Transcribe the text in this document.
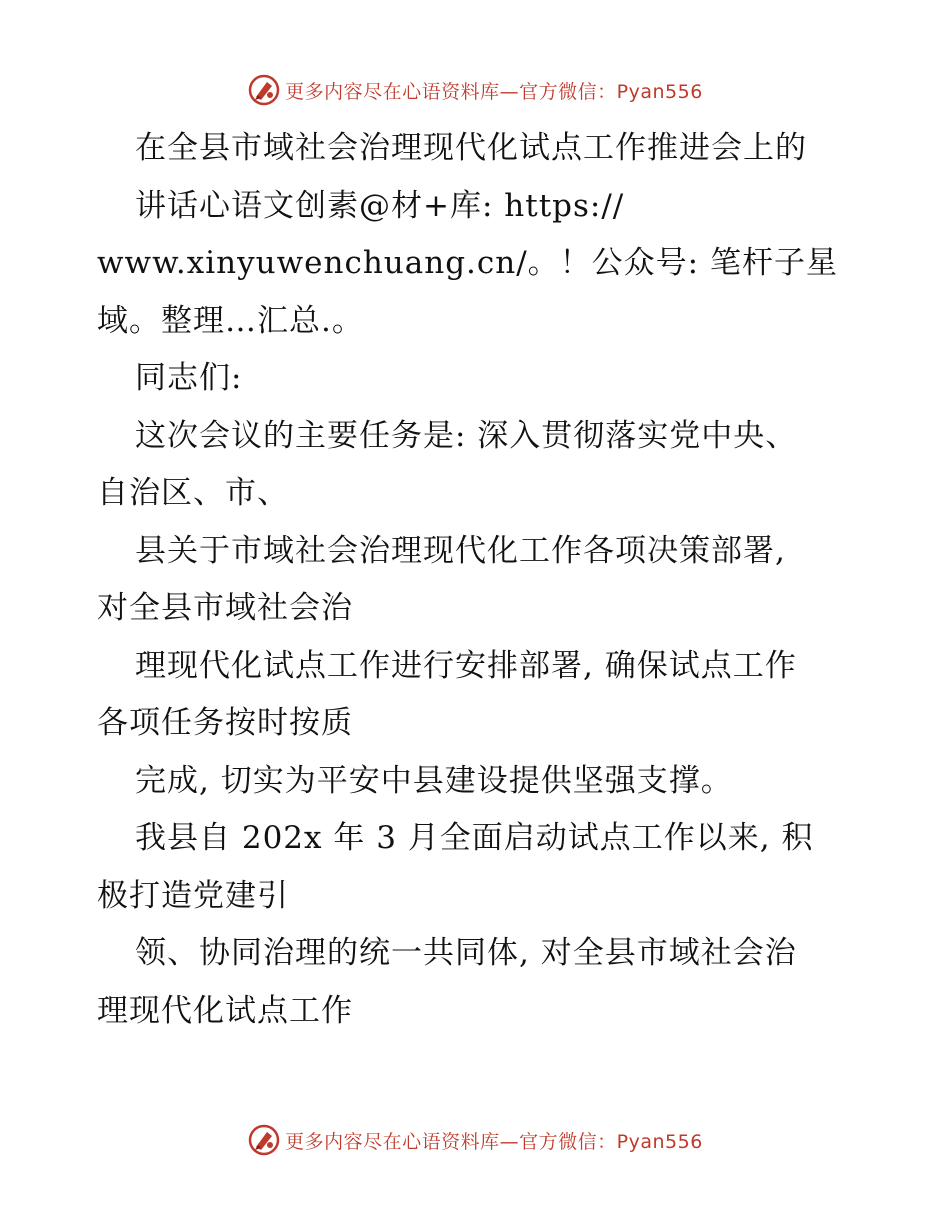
更多内容尽在心语资料库—官方微信：Pyan556
在全县市域社会治理现代化试点工作推进会上的
讲话心语文创素@材+库: https://
www.xinyuwenchuang.cn/。！公众号: 笔杆子星
域。整理…汇总.。
同志们:
这次会议的主要任务是: 深入贯彻落实党中央、
自治区、市、
县关于市域社会治理现代化工作各项决策部署,
对全县市域社会治
理现代化试点工作进行安排部署, 确保试点工作
各项任务按时按质
完成, 切实为平安中县建设提供坚强支撑。
我县自 202x 年 3 月全面启动试点工作以来, 积
极打造党建引
领、协同治理的统一共同体, 对全县市域社会治
理现代化试点工作
更多内容尽在心语资料库—官方微信：Pyan556
